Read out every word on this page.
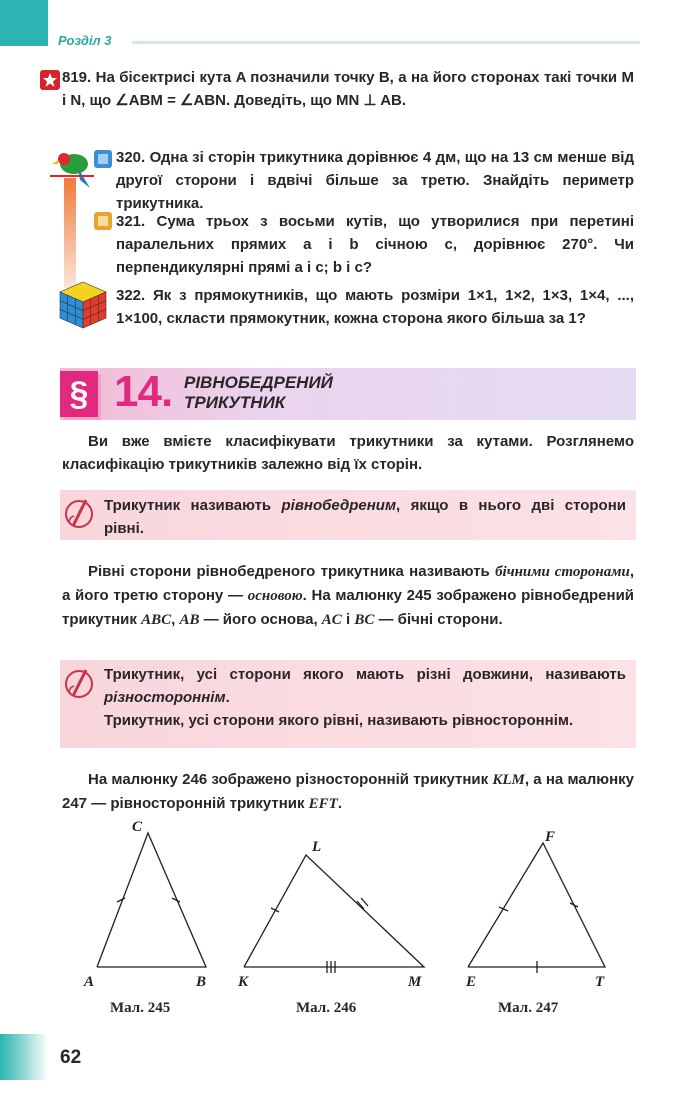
Розділ 3
819. На бісектрисі кута A позначили точку B, а на його сторонах такі точки M і N, що ∠ABM = ∠ABN. Доведіть, що MN ⊥ AB.
320. Одна зі сторін трикутника дорівнює 4 дм, що на 13 см менше від другої сторони і вдвічі більше за третю. Знайдіть периметр трикутника.
321. Сума трьох з восьми кутів, що утворилися при перетині паралельних прямих a і b січною c, дорівнює 270°. Чи перпендикулярні прямі a і c; b і c?
322. Як з прямокутників, що мають розміри 1×1, 1×2, 1×3, 1×4, ..., 1×100, скласти прямокутник, кожна сторона якого більша за 1?
§ 14. РІВНОБЕДРЕНИЙ
ТРИКУТНИК
Ви вже вмієте класифікувати трикутники за кутами. Розглянемо класифікацію трикутників залежно від їх сторін.
Трикутник називають рівнобедреним, якщо в нього дві сторони рівні.
Рівні сторони рівнобедреного трикутника називають бічними сторонами, а його третю сторону — основою. На малюнку 245 зображено рівнобедрений трикутник ABC, AB — його основа, AC і BC — бічні сторони.
Трикутник, усі сторони якого мають різні довжини, називають різностороннім.
Трикутник, усі сторони якого рівні, називають рівностороннім.
На малюнку 246 зображено різносторонній трикутник KLM, а на малюнку 247 — рівносторонній трикутник EFT.
C
A	B
L
K	M
F
E	T
Мал. 245	Мал. 246	Мал. 247
62
